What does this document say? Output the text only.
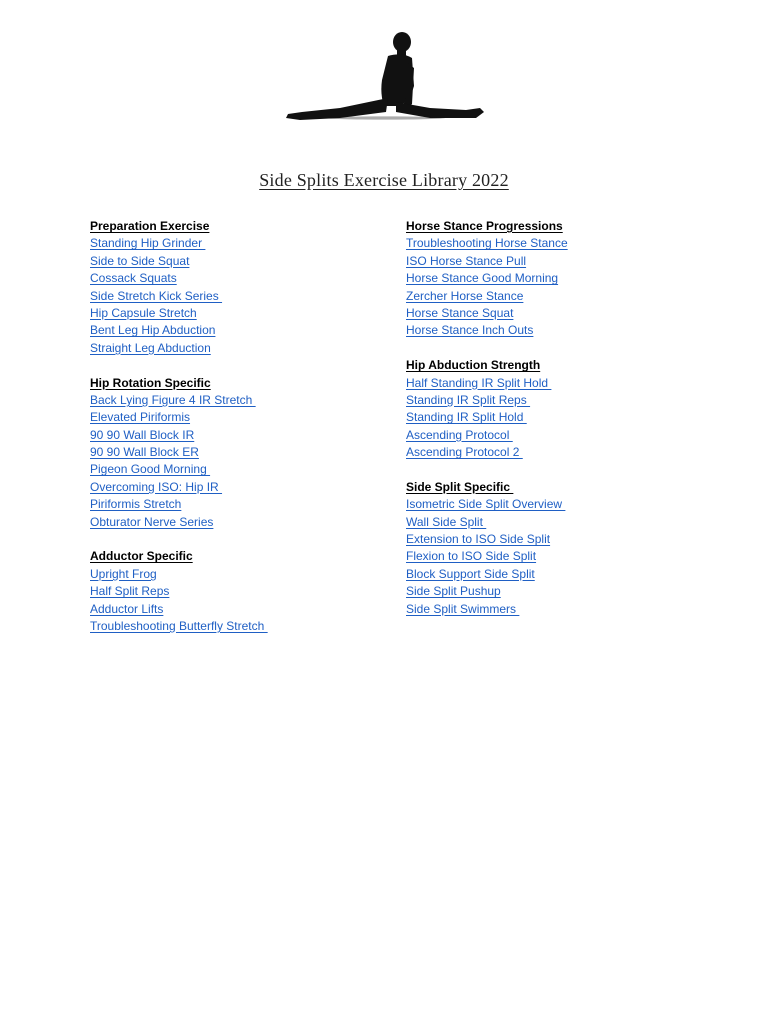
Side Splits Exercise Library 2022
Preparation Exercise
Standing Hip Grinder
Side to Side Squat
Cossack Squats
Side Stretch Kick Series
Hip Capsule Stretch
Bent Leg Hip Abduction
Straight Leg Abduction
Hip Rotation Specific
Back Lying Figure 4 IR Stretch
Elevated Piriformis
90 90 Wall Block IR
90 90 Wall Block ER
Pigeon Good Morning
Overcoming ISO: Hip IR
Piriformis Stretch
Obturator Nerve Series
Adductor Specific
Upright Frog
Half Split Reps
Adductor Lifts
Troubleshooting Butterfly Stretch
Horse Stance Progressions
Troubleshooting Horse Stance
ISO Horse Stance Pull
Horse Stance Good Morning
Zercher Horse Stance
Horse Stance Squat
Horse Stance Inch Outs
Hip Abduction Strength
Half Standing IR Split Hold
Standing IR Split Reps
Standing IR Split Hold
Ascending Protocol
Ascending Protocol 2
Side Split Specific
Isometric Side Split Overview
Wall Side Split
Extension to ISO Side Split
Flexion to ISO Side Split
Block Support Side Split
Side Split Pushup
Side Split Swimmers
